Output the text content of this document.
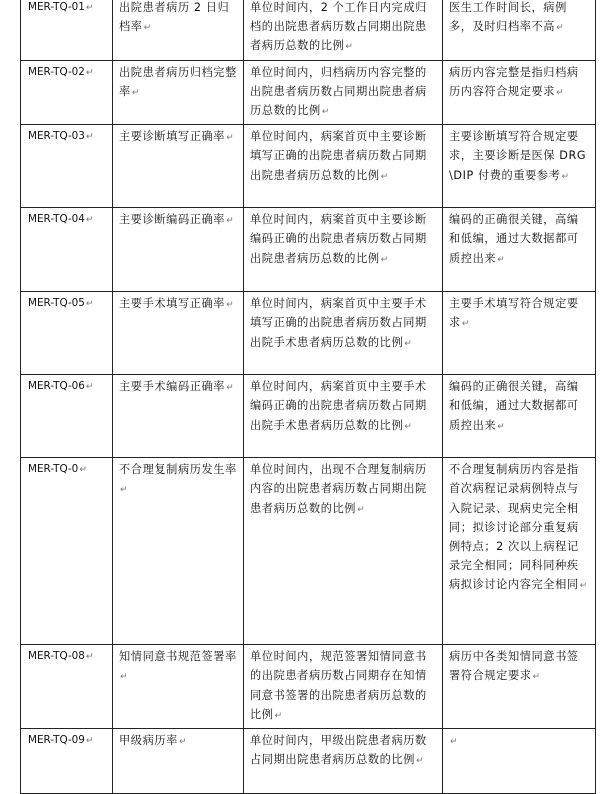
MER-TQ-01↵	出院患者病历 2 日归档率↵	单位时间内，2 个工作日内完成归档的出院患者病历数占同期出院患者病历总数的比例↵	医生工作时间长，病例多，及时归档率不高↵
MER-TQ-02↵	出院患者病历归档完整率↵	单位时间内，归档病历内容完整的出院患者病历数占同期出院患者病历总数的比例↵	病历内容完整是指归档病历内容符合规定要求↵
MER-TQ-03↵	主要诊断填写正确率↵	单位时间内，病案首页中主要诊断填写正确的出院患者病历数占同期出院患者病历总数的比例↵	主要诊断填写符合规定要求，主要诊断是医保 DRG\DIP 付费的重要参考↵
MER-TQ-04↵	主要诊断编码正确率↵	单位时间内，病案首页中主要诊断编码正确的出院患者病历数占同期出院患者病历总数的比例↵	编码的正确很关键，高编和低编，通过大数据都可质控出来↵
MER-TQ-05↵	主要手术填写正确率↵	单位时间内，病案首页中主要手术填写正确的出院患者病历数占同期出院手术患者病历总数的比例↵	主要手术填写符合规定要求↵
MER-TQ-06↵	主要手术编码正确率↵	单位时间内，病案首页中主要手术编码正确的出院患者病历数占同期出院手术患者病历总数的比例↵	编码的正确很关键，高编和低编，通过大数据都可质控出来↵
MER-TQ-0↵	不合理复制病历发生率↵	单位时间内，出现不合理复制病历内容的出院患者病历数占同期出院患者病历总数的比例↵	不合理复制病历内容是指首次病程记录病例特点与入院记录、现病史完全相同；拟诊讨论部分重复病例特点；2 次以上病程记录完全相同；同科同种疾病拟诊讨论内容完全相同↵
MER-TQ-08↵	知情同意书规范签署率↵	单位时间内，规范签署知情同意书的出院患者病历数占同期存在知情同意书签署的出院患者病历总数的比例↵	病历中各类知情同意书签署符合规定要求↵
MER-TQ-09↵	甲级病历率↵	单位时间内，甲级出院患者病历数占同期出院患者病历总数的比例↵	↵
